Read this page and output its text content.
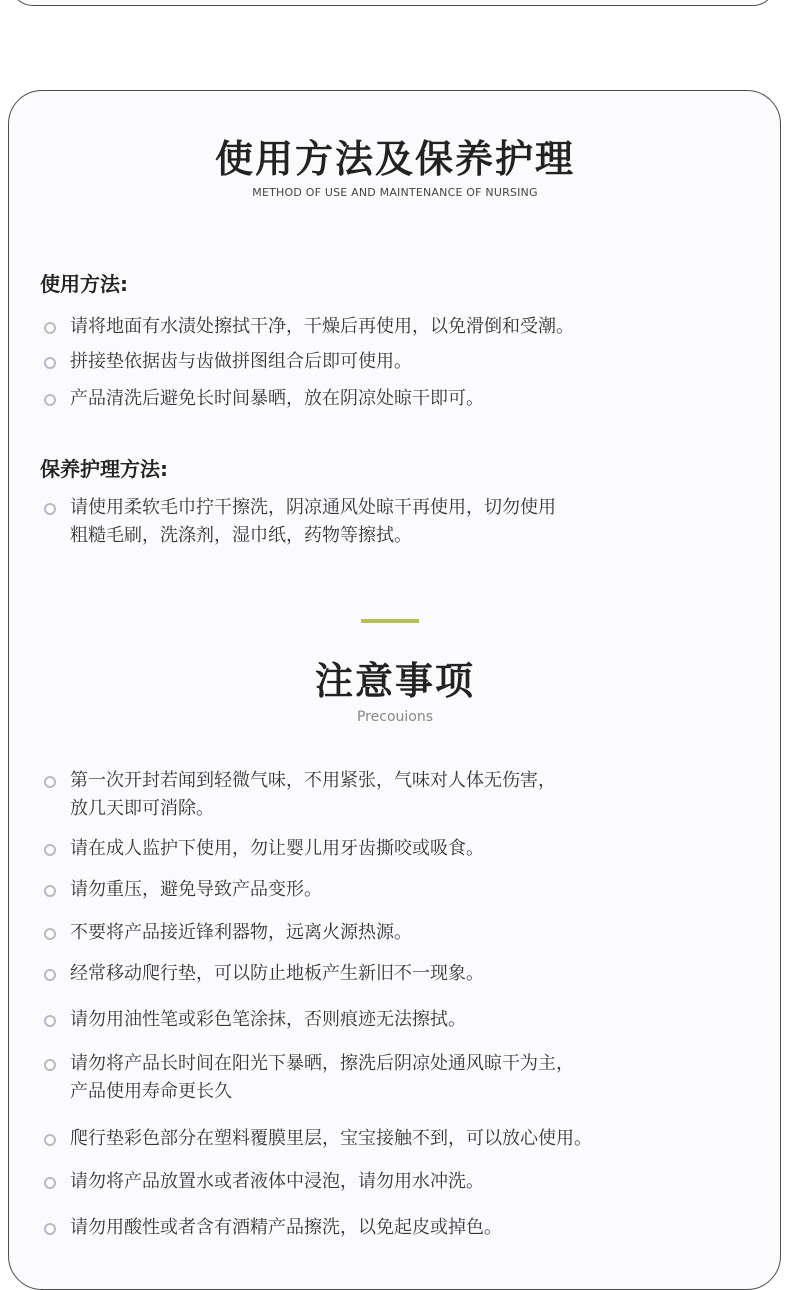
使用方法及保养护理
METHOD OF USE AND MAINTENANCE OF NURSING
使用方法:
请将地面有水渍处擦拭干净，干燥后再使用，以免滑倒和受潮。
拼接垫依据齿与齿做拼图组合后即可使用。
产品清洗后避免长时间暴晒，放在阴凉处晾干即可。
保养护理方法:
请使用柔软毛巾拧干擦洗，阴凉通风处晾干再使用，切勿使用
粗糙毛刷，洗涤剂，湿巾纸，药物等擦拭。
注意事项
Precouions
第一次开封若闻到轻微气味，不用紧张，气味对人体无伤害，
放几天即可消除。
请在成人监护下使用，勿让婴儿用牙齿撕咬或吸食。
请勿重压，避免导致产品变形。
不要将产品接近锋利器物，远离火源热源。
经常移动爬行垫，可以防止地板产生新旧不一现象。
请勿用油性笔或彩色笔涂抹，否则痕迹无法擦拭。
请勿将产品长时间在阳光下暴晒，擦洗后阴凉处通风晾干为主，
产品使用寿命更长久
爬行垫彩色部分在塑料覆膜里层，宝宝接触不到，可以放心使用。
请勿将产品放置水或者液体中浸泡，请勿用水冲洗。
请勿用酸性或者含有酒精产品擦洗，以免起皮或掉色。
